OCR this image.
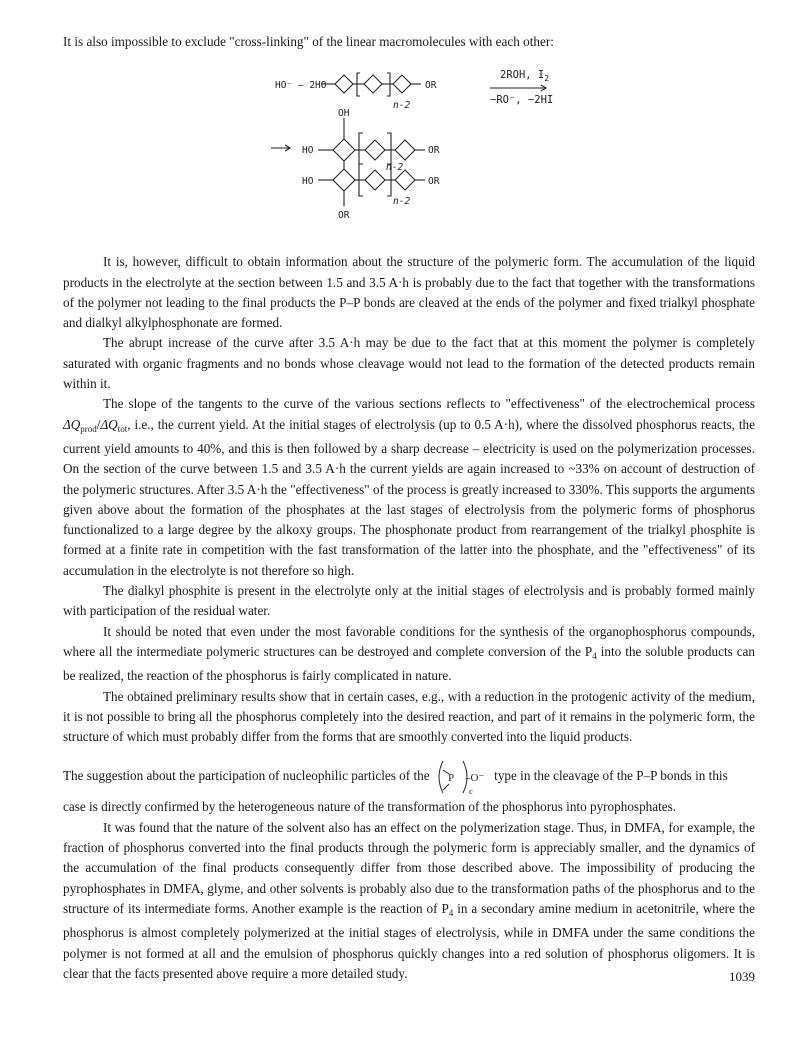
It is also impossible to exclude "cross-linking" of the linear macromolecules with each other:

HO⁻ – 2HO	OR
2ROH, $I_2$
−RO⁻, −2HI
n-2
OH
HO	OR
n-2
HO	OR
n-2
OR

It is, however, difficult to obtain information about the structure of the polymeric form. The accumulation of the liquid products in the electrolyte at the section between 1.5 and 3.5 A·h is probably due to the fact that together with the transformations of the polymer not leading to the final products the P–P bonds are cleaved at the ends of the polymer and fixed trialkyl phosphate and dialkyl alkylphosphonate are formed.

The abrupt increase of the curve after 3.5 A·h may be due to the fact that at this moment the polymer is completely saturated with organic fragments and no bonds whose cleavage would not lead to the formation of the detected products remain within it.

The slope of the tangents to the curve of the various sections reflects to "effectiveness" of the electrochemical process $\Delta Q_{prod}/\Delta Q_{tot}$, i.e., the current yield. At the initial stages of electrolysis (up to 0.5 A·h), where the dissolved phosphorus reacts, the current yield amounts to 40%, and this is then followed by a sharp decrease – electricity is used on the polymerization processes. On the section of the curve between 1.5 and 3.5 A·h the current yields are again increased to ~33% on account of destruction of the polymeric structures. After 3.5 A·h the "effectiveness" of the process is greatly increased to 330%. This supports the arguments given above about the formation of the phosphates at the last stages of electrolysis from the polymeric forms of phosphorus functionalized to a large degree by the alkoxy groups. The phosphonate product from rearrangement of the trialkyl phosphite is formed at a finite rate in competition with the fast transformation of the latter into the phosphate, and the "effectiveness" of its accumulation in the electrolyte is not therefore so high.

The dialkyl phosphite is present in the electrolyte only at the initial stages of electrolysis and is probably formed mainly with participation of the residual water.

It should be noted that even under the most favorable conditions for the synthesis of the organophosphorus compounds, where all the intermediate polymeric structures can be destroyed and complete conversion of the $P_4$ into the soluble products can be realized, the reaction of the phosphorus is fairly complicated in nature.

The obtained preliminary results show that in certain cases, e.g., with a reduction in the protogenic activity of the medium, it is not possible to bring all the phosphorus completely into the desired reaction, and part of it remains in the polymeric form, the structure of which must probably differ from the forms that are smoothly converted into the liquid products.

The suggestion about the participation of nucleophilic particles of the P –O⁻
c
type in the cleavage of the P–P bonds in this
case is directly confirmed by the heterogeneous nature of the transformation of the phosphorus into pyrophosphates.

It was found that the nature of the solvent also has an effect on the polymerization stage. Thus, in DMFA, for example, the fraction of phosphorus converted into the final products through the polymeric form is appreciably smaller, and the dynamics of the accumulation of the final products consequently differ from those described above. The impossibility of producing the pyrophosphates in DMFA, glyme, and other solvents is probably also due to the transformation paths of the phosphorus and to the structure of its intermediate forms. Another example is the reaction of $P_4$ in a secondary amine medium in acetonitrile, where the phosphorus is almost completely polymerized at the initial stages of electrolysis, while in DMFA under the same conditions the polymer is not formed at all and the emulsion of phosphorus quickly changes into a red solution of phosphorus oligomers. It is clear that the facts presented above require a more detailed study.	1039
